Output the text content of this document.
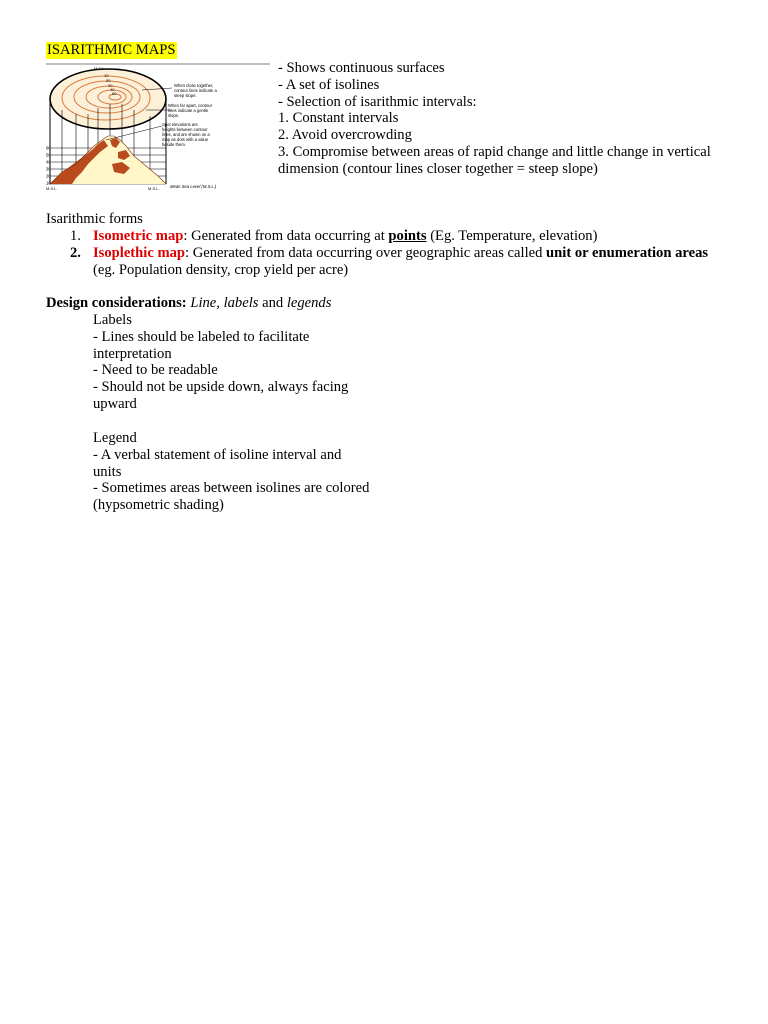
ISARITHMIC MAPS
M.S.L.
10
20
30
40
50
When close together,
contour lines indicate a
steep slope.
When far apart, contour
lines indicate a gentle
slope.
Spot elevations are
heights between contour
lines, and are shown on a
map as dots with a value
beside them.
60
50
40
30
20
10
M.S.L.	M.S.L. Mean Sea Level (M.S.L.)
- Shows continuous surfaces
- A set of isolines
- Selection of isarithmic intervals:
1. Constant intervals
2. Avoid overcrowding
3. Compromise between areas of rapid change and little change in vertical dimension (contour lines closer together = steep slope)
Isarithmic forms
1. Isometric map: Generated from data occurring at points (Eg. Temperature, elevation)
2. Isoplethic map: Generated from data occurring over geographic areas called unit or enumeration areas (eg. Population density, crop yield per acre)
Design considerations: Line, labels and legends
Labels
- Lines should be labeled to facilitate interpretation
- Need to be readable
- Should not be upside down, always facing upward
Legend
- A verbal statement of isoline interval and units
- Sometimes areas between isolines are colored (hypsometric shading)
